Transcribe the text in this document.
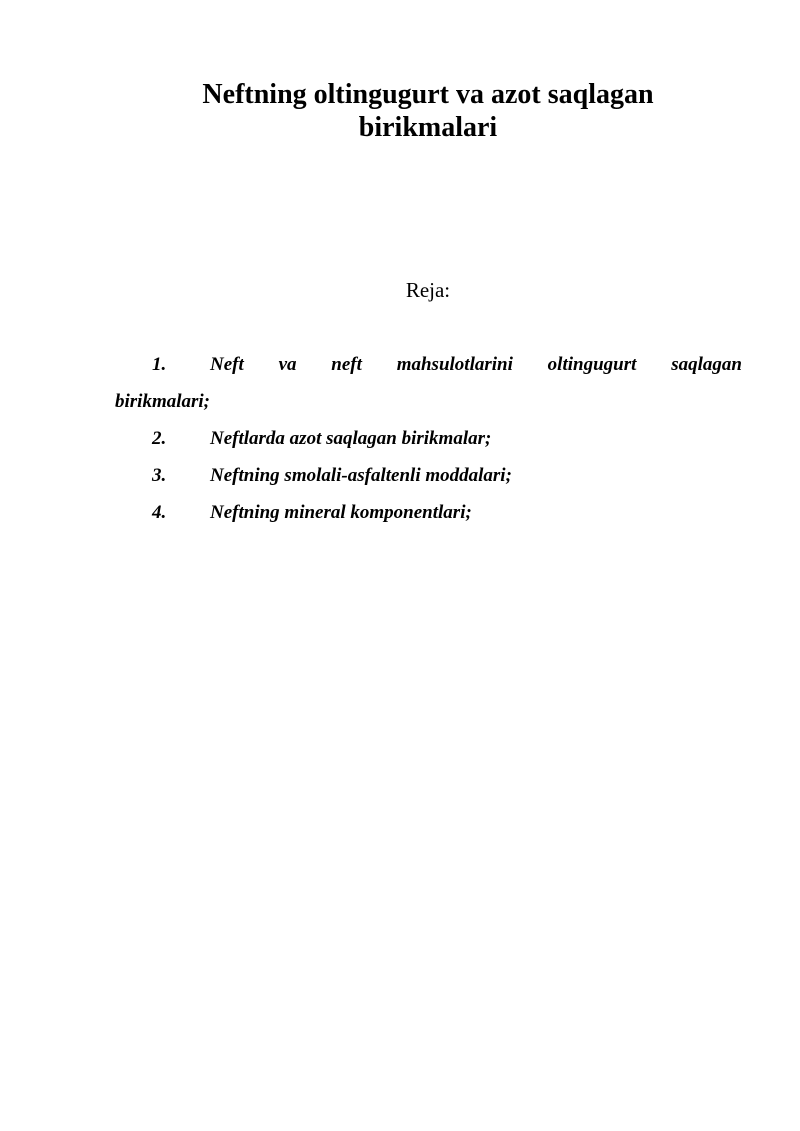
Neftning oltingugurt va azot saqlagan
birikmalari

Reja:

1.	Neft va neft mahsulotlarini oltingugurt saqlagan
birikmalari;
2. Neftlarda azot saqlagan birikmalar;
3. Neftning smolali-asfaltenli moddalari;
4. Neftning mineral komponentlari;
